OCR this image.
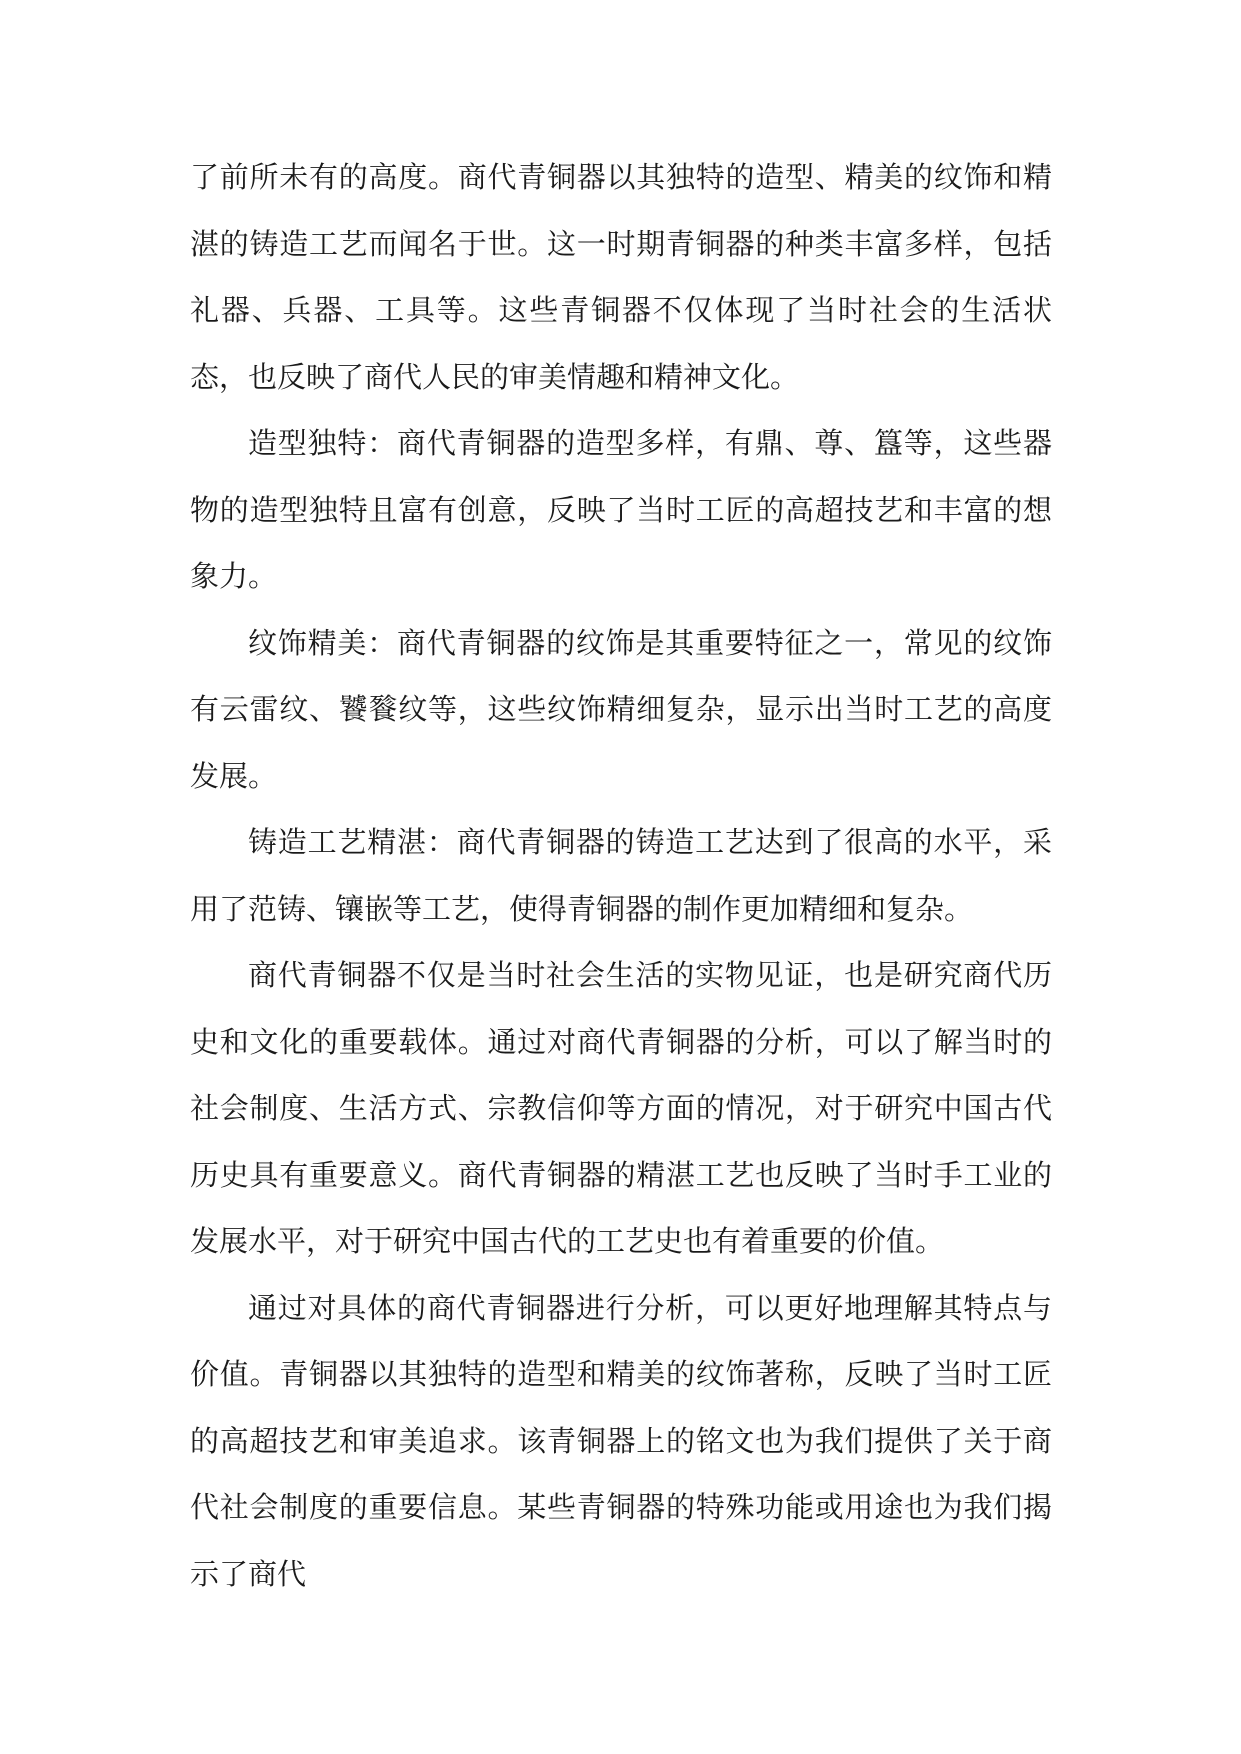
了前所未有的高度。商代青铜器以其独特的造型、精美的纹饰和精湛的铸造工艺而闻名于世。这一时期青铜器的种类丰富多样，包括礼器、兵器、工具等。这些青铜器不仅体现了当时社会的生活状态，也反映了商代人民的审美情趣和精神文化。

造型独特：商代青铜器的造型多样，有鼎、尊、簋等，这些器物的造型独特且富有创意，反映了当时工匠的高超技艺和丰富的想象力。

纹饰精美：商代青铜器的纹饰是其重要特征之一，常见的纹饰有云雷纹、饕餮纹等，这些纹饰精细复杂，显示出当时工艺的高度发展。

铸造工艺精湛：商代青铜器的铸造工艺达到了很高的水平，采用了范铸、镶嵌等工艺，使得青铜器的制作更加精细和复杂。

商代青铜器不仅是当时社会生活的实物见证，也是研究商代历史和文化的重要载体。通过对商代青铜器的分析，可以了解当时的社会制度、生活方式、宗教信仰等方面的情况，对于研究中国古代历史具有重要意义。商代青铜器的精湛工艺也反映了当时手工业的发展水平，对于研究中国古代的工艺史也有着重要的价值。

通过对具体的商代青铜器进行分析，可以更好地理解其特点与价值。青铜器以其独特的造型和精美的纹饰著称，反映了当时工匠的高超技艺和审美追求。该青铜器上的铭文也为我们提供了关于商代社会制度的重要信息。某些青铜器的特殊功能或用途也为我们揭示了商代
